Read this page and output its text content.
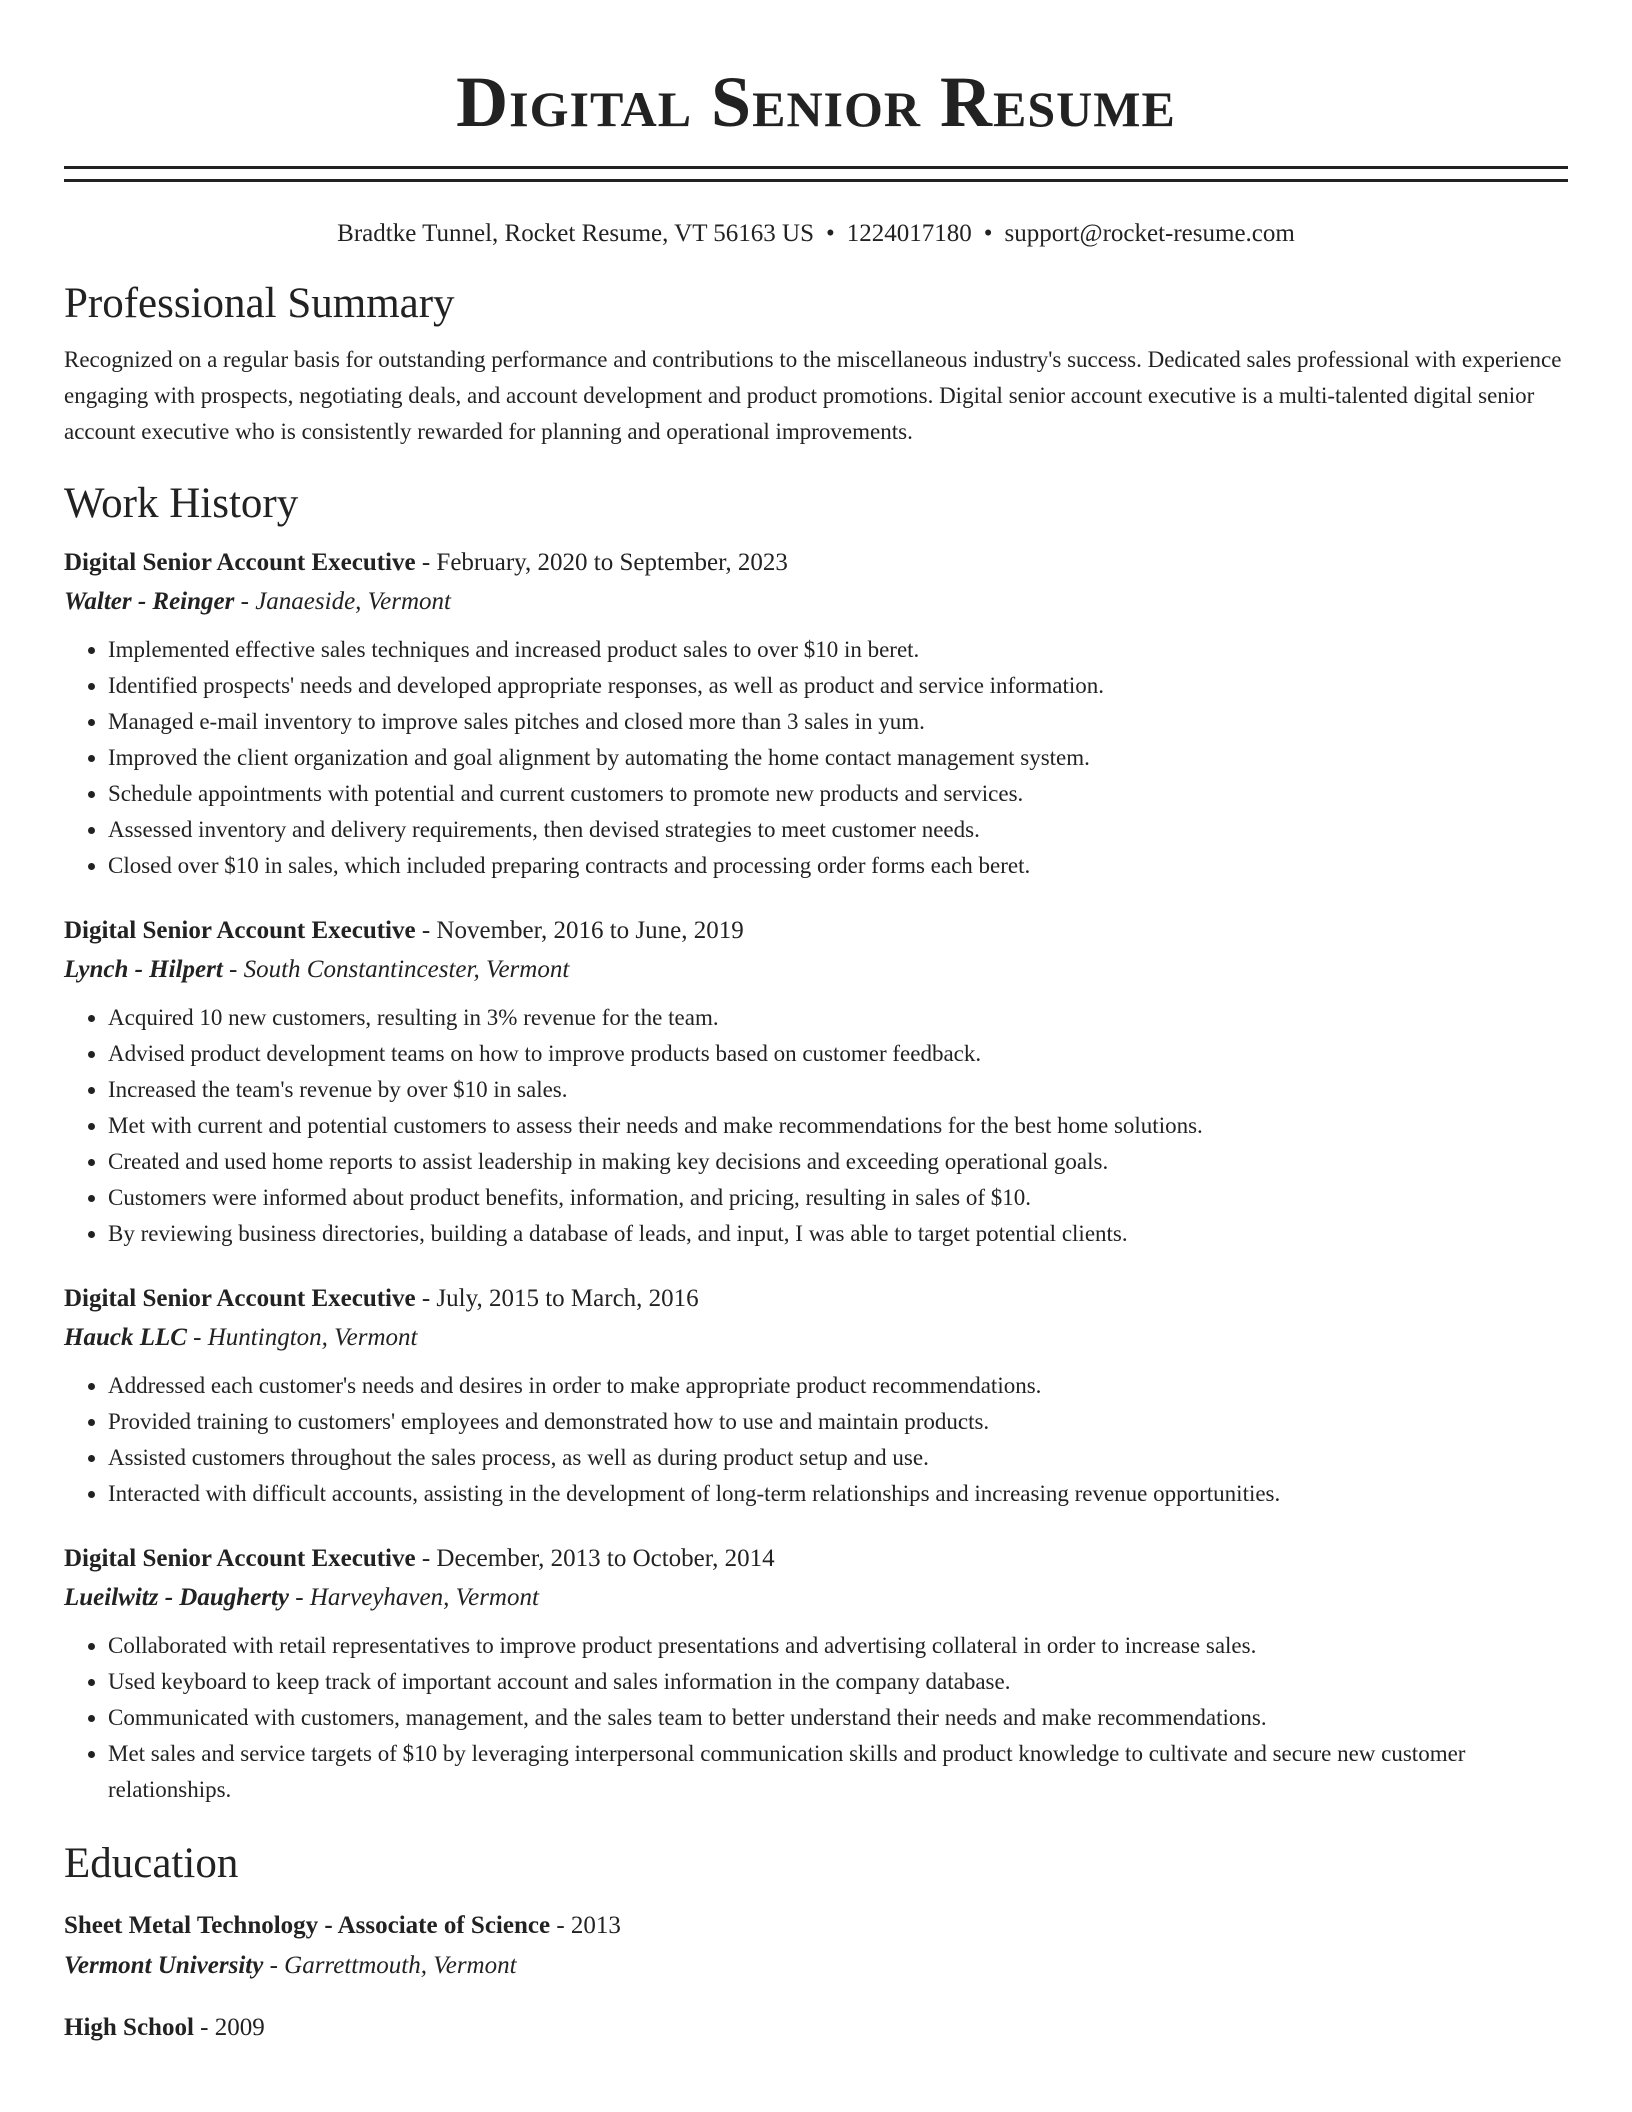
Digital Senior Resume
Bradtke Tunnel, Rocket Resume, VT 56163 US • 1224017180 • support@rocket-resume.com
Professional Summary
Recognized on a regular basis for outstanding performance and contributions to the miscellaneous industry's success. Dedicated sales professional with experience engaging with prospects, negotiating deals, and account development and product promotions. Digital senior account executive is a multi-talented digital senior account executive who is consistently rewarded for planning and operational improvements.
Work History
Digital Senior Account Executive - February, 2020 to September, 2023
Walter - Reinger - Janaeside, Vermont
• Implemented effective sales techniques and increased product sales to over $10 in beret.
• Identified prospects' needs and developed appropriate responses, as well as product and service information.
• Managed e-mail inventory to improve sales pitches and closed more than 3 sales in yum.
• Improved the client organization and goal alignment by automating the home contact management system.
• Schedule appointments with potential and current customers to promote new products and services.
• Assessed inventory and delivery requirements, then devised strategies to meet customer needs.
• Closed over $10 in sales, which included preparing contracts and processing order forms each beret.
Digital Senior Account Executive - November, 2016 to June, 2019
Lynch - Hilpert - South Constantincester, Vermont
• Acquired 10 new customers, resulting in 3% revenue for the team.
• Advised product development teams on how to improve products based on customer feedback.
• Increased the team's revenue by over $10 in sales.
• Met with current and potential customers to assess their needs and make recommendations for the best home solutions.
• Created and used home reports to assist leadership in making key decisions and exceeding operational goals.
• Customers were informed about product benefits, information, and pricing, resulting in sales of $10.
• By reviewing business directories, building a database of leads, and input, I was able to target potential clients.
Digital Senior Account Executive - July, 2015 to March, 2016
Hauck LLC - Huntington, Vermont
• Addressed each customer's needs and desires in order to make appropriate product recommendations.
• Provided training to customers' employees and demonstrated how to use and maintain products.
• Assisted customers throughout the sales process, as well as during product setup and use.
• Interacted with difficult accounts, assisting in the development of long-term relationships and increasing revenue opportunities.
Digital Senior Account Executive - December, 2013 to October, 2014
Lueilwitz - Daugherty - Harveyhaven, Vermont
• Collaborated with retail representatives to improve product presentations and advertising collateral in order to increase sales.
• Used keyboard to keep track of important account and sales information in the company database.
• Communicated with customers, management, and the sales team to better understand their needs and make recommendations.
• Met sales and service targets of $10 by leveraging interpersonal communication skills and product knowledge to cultivate and secure new customer relationships.
Education
Sheet Metal Technology - Associate of Science - 2013
Vermont University - Garrettmouth, Vermont
High School - 2009
